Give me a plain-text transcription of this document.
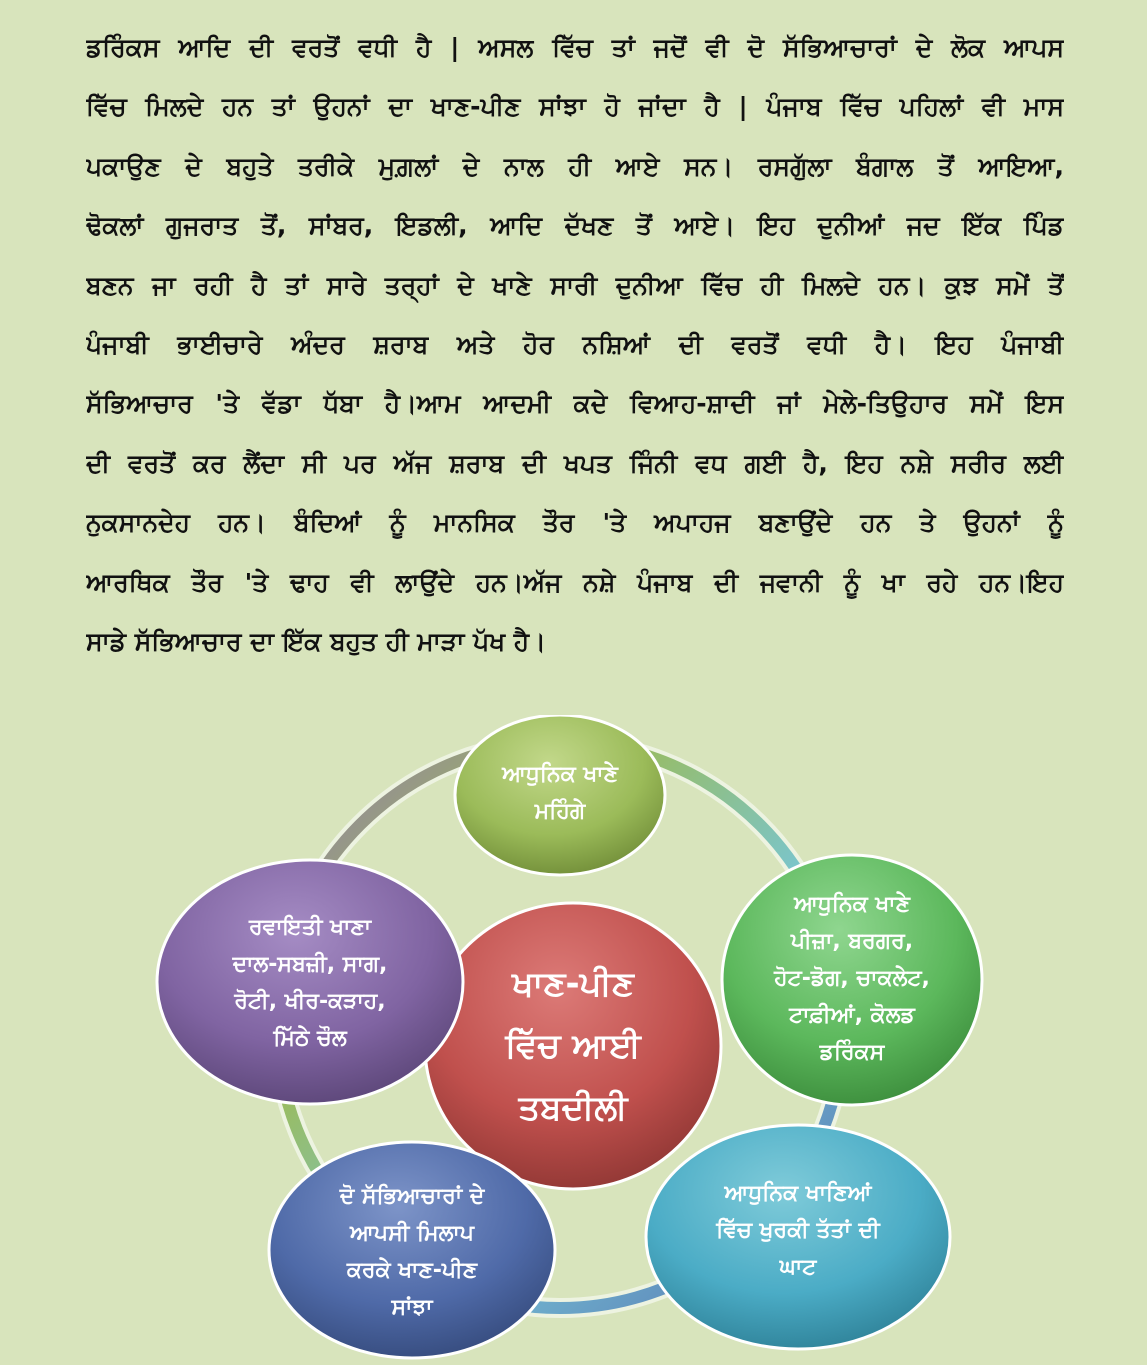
ਡਰਿੰਕਸ ਆਦਿ ਦੀ ਵਰਤੋਂ ਵਧੀ ਹੈ | ਅਸਲ ਵਿੱਚ ਤਾਂ ਜਦੋਂ ਵੀ ਦੋ ਸੱਭਿਆਚਾਰਾਂ ਦੇ ਲੋਕ ਆਪਸ
ਵਿੱਚ ਮਿਲਦੇ ਹਨ ਤਾਂ ਉਹਨਾਂ ਦਾ ਖਾਣ-ਪੀਣ ਸਾਂਝਾ ਹੋ ਜਾਂਦਾ ਹੈ | ਪੰਜਾਬ ਵਿੱਚ ਪਹਿਲਾਂ ਵੀ ਮਾਸ
ਪਕਾਉਣ ਦੇ ਬਹੁਤੇ ਤਰੀਕੇ ਮੁਗ਼ਲਾਂ ਦੇ ਨਾਲ ਹੀ ਆਏ ਸਨ। ਰਸਗੁੱਲਾ ਬੰਗਾਲ ਤੋਂ ਆਇਆ,
ਢੋਕਲਾਂ ਗੁਜਰਾਤ ਤੋਂ, ਸਾਂਬਰ, ਇਡਲੀ, ਆਦਿ ਦੱਖਣ ਤੋਂ ਆਏ। ਇਹ ਦੁਨੀਆਂ ਜਦ ਇੱਕ ਪਿੰਡ
ਬਣਨ ਜਾ ਰਹੀ ਹੈ ਤਾਂ ਸਾਰੇ ਤਰ੍ਹਾਂ ਦੇ ਖਾਣੇ ਸਾਰੀ ਦੁਨੀਆ ਵਿੱਚ ਹੀ ਮਿਲਦੇ ਹਨ। ਕੁਝ ਸਮੇਂ ਤੋਂ
ਪੰਜਾਬੀ ਭਾਈਚਾਰੇ ਅੰਦਰ ਸ਼ਰਾਬ ਅਤੇ ਹੋਰ ਨਸ਼ਿਆਂ ਦੀ ਵਰਤੋਂ ਵਧੀ ਹੈ। ਇਹ ਪੰਜਾਬੀ
ਸੱਭਿਆਚਾਰ 'ਤੇ ਵੱਡਾ ਧੱਬਾ ਹੈ।ਆਮ ਆਦਮੀ ਕਦੇ ਵਿਆਹ-ਸ਼ਾਦੀ ਜਾਂ ਮੇਲੇ-ਤਿਉਹਾਰ ਸਮੇਂ ਇਸ
ਦੀ ਵਰਤੋਂ ਕਰ ਲੈਂਦਾ ਸੀ ਪਰ ਅੱਜ ਸ਼ਰਾਬ ਦੀ ਖਪਤ ਜਿੰਨੀ ਵਧ ਗਈ ਹੈ, ਇਹ ਨਸ਼ੇ ਸਰੀਰ ਲਈ
ਨੁਕਸਾਨਦੇਹ ਹਨ। ਬੰਦਿਆਂ ਨੂੰ ਮਾਨਸਿਕ ਤੌਰ 'ਤੇ ਅਪਾਹਜ ਬਣਾਉਂਦੇ ਹਨ ਤੇ ਉਹਨਾਂ ਨੂੰ
ਆਰਥਿਕ ਤੌਰ 'ਤੇ ਢਾਹ ਵੀ ਲਾਉਂਦੇ ਹਨ।ਅੱਜ ਨਸ਼ੇ ਪੰਜਾਬ ਦੀ ਜਵਾਨੀ ਨੂੰ ਖਾ ਰਹੇ ਹਨ।ਇਹ
ਸਾਡੇ ਸੱਭਿਆਚਾਰ ਦਾ ਇੱਕ ਬਹੁਤ ਹੀ ਮਾੜਾ ਪੱਖ ਹੈ।
ਖਾਣ-ਪੀਣ
ਵਿੱਚ ਆਈ
ਤਬਦੀਲੀ
ਆਧੁਨਿਕ ਖਾਣੇ
ਮਹਿੰਗੇ
ਆਧੁਨਿਕ ਖਾਣੇ
ਪੀਜ਼ਾ, ਬਰਗਰ,
ਹੋਟ-ਡੋਗ, ਚਾਕਲੇਟ,
ਟਾਫ਼ੀਆਂ, ਕੋਲਡ
ਡਰਿੰਕਸ
ਆਧੁਨਿਕ ਖਾਣਿਆਂ
ਵਿੱਚ ਖੁਰਕੀ ਤੱਤਾਂ ਦੀ
ਘਾਟ
ਦੋ ਸੱਭਿਆਚਾਰਾਂ ਦੇ
ਆਪਸੀ ਮਿਲਾਪ
ਕਰਕੇ ਖਾਣ-ਪੀਣ
ਸਾਂਝਾ
ਰਵਾਇਤੀ ਖਾਣਾ
ਦਾਲ-ਸਬਜ਼ੀ, ਸਾਗ,
ਰੋਟੀ, ਖੀਰ-ਕੜਾਹ,
ਮਿੱਠੇ ਚੌਲ
